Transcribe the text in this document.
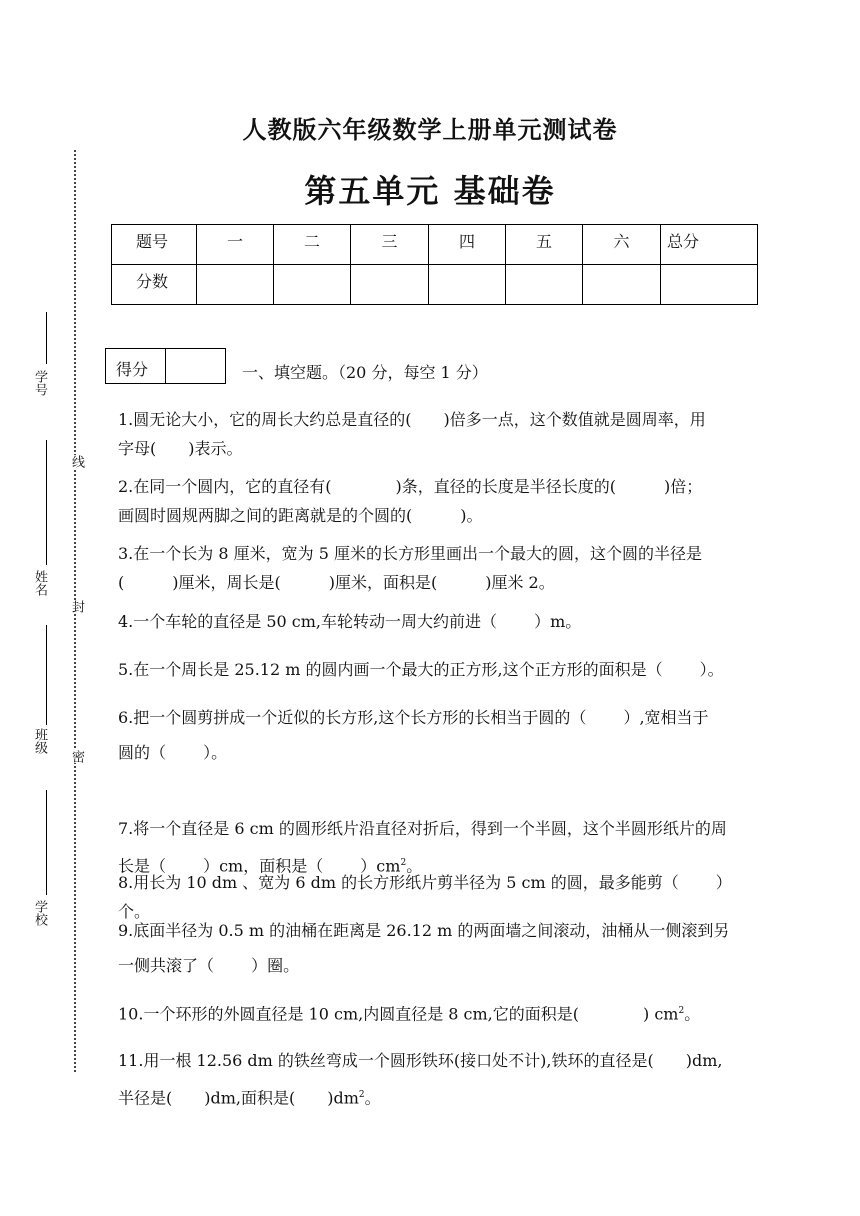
学号
姓名
班级
学校
线
封
密
人教版六年级数学上册单元测试卷
第五单元 基础卷
题号	一	二	三	四	五	六	总分
分数							
得分	一、填空题。（20 分，每空 1 分）
1.圆无论大小，它的周长大约总是直径的(　　)倍多一点，这个数值就是圆周率，用
字母(　　)表示。
2.在同一个圆内，它的直径有(　　　　)条，直径的长度是半径长度的(　　　)倍；
画圆时圆规两脚之间的距离就是的个圆的(　　　)。
3.在一个长为 8 厘米，宽为 5 厘米的长方形里画出一个最大的圆，这个圆的半径是
(　　　)厘米，周长是(　　　)厘米，面积是(　　　)厘米 2。
4.一个车轮的直径是 50 cm,车轮转动一周大约前进（　　 ）m。
5.在一个周长是 25.12 m 的圆内画一个最大的正方形,这个正方形的面积是（　　 ）。
6.把一个圆剪拼成一个近似的长方形,这个长方形的长相当于圆的（　　 ）,宽相当于
圆的（　　 ）。
7.将一个直径是 6 cm 的圆形纸片沿直径对折后，得到一个半圆，这个半圆形纸片的周
长是（　　 ）cm，面积是（　　 ）$cm^2$。
8.用长为 10 dm 、宽为 6 dm 的长方形纸片剪半径为 5 cm 的圆，最多能剪（　　 ）个。
9.底面半径为 0.5 m 的油桶在距离是 26.12 m 的两面墙之间滚动，油桶从一侧滚到另
一侧共滚了（　　 ）圈。
10.一个环形的外圆直径是 10 cm,内圆直径是 8 cm,它的面积是(　　　　) $cm^2$。
11.用一根 12.56 dm 的铁丝弯成一个圆形铁环(接口处不计),铁环的直径是(　　)dm,
半径是(　　)dm,面积是(　　)$dm^2$。
